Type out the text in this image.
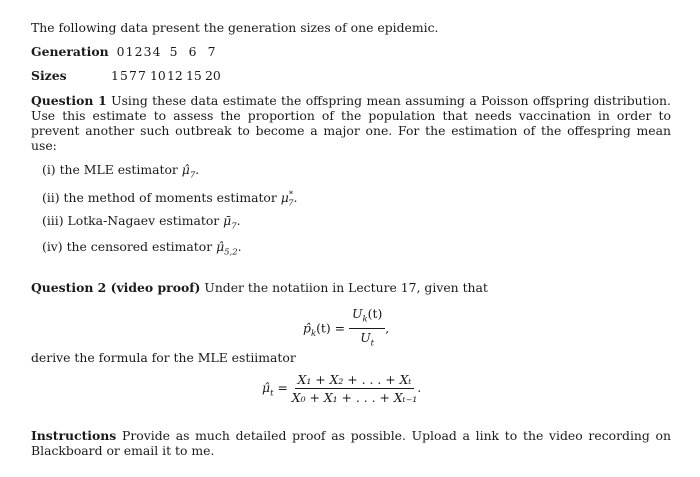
The following data present the generation sizes of one epidemic.
Generation 01234 5 6 7
Sizes	1577 1012 15 20
Question 1 Using these data estimate the offspring mean assuming a Poisson offspring distribution. Use this estimate to assess the proportion of the population that needs vaccination in order to prevent another such outbreak to become a major one. For the estimation of the offespring mean use:
(i) the MLE estimator $\mû_7$.
(ii) the method of moments estimator $\mu^*_7$.
(iii) Lotka-Nagaev estimator $\mū_7$.
(iv) the censored estimator $\mû_{5,2}$.
Question 2 (video proof) Under the notatiion in Lecture 17, given that
$p̂_k(t) = \frac{U_k(t)}{U_t}$ ,
derive the formula for the MLE estiimator
$\mû_t = \frac{\text{X₁ + X₂ + . . . + Xₜ}}{\text{X₀ + X₁ + . . . + Xₜ₋₁}}$ .
Instructions Provide as much detailed proof as possible. Upload a link to the video recording on Blackboard or email it to me.
